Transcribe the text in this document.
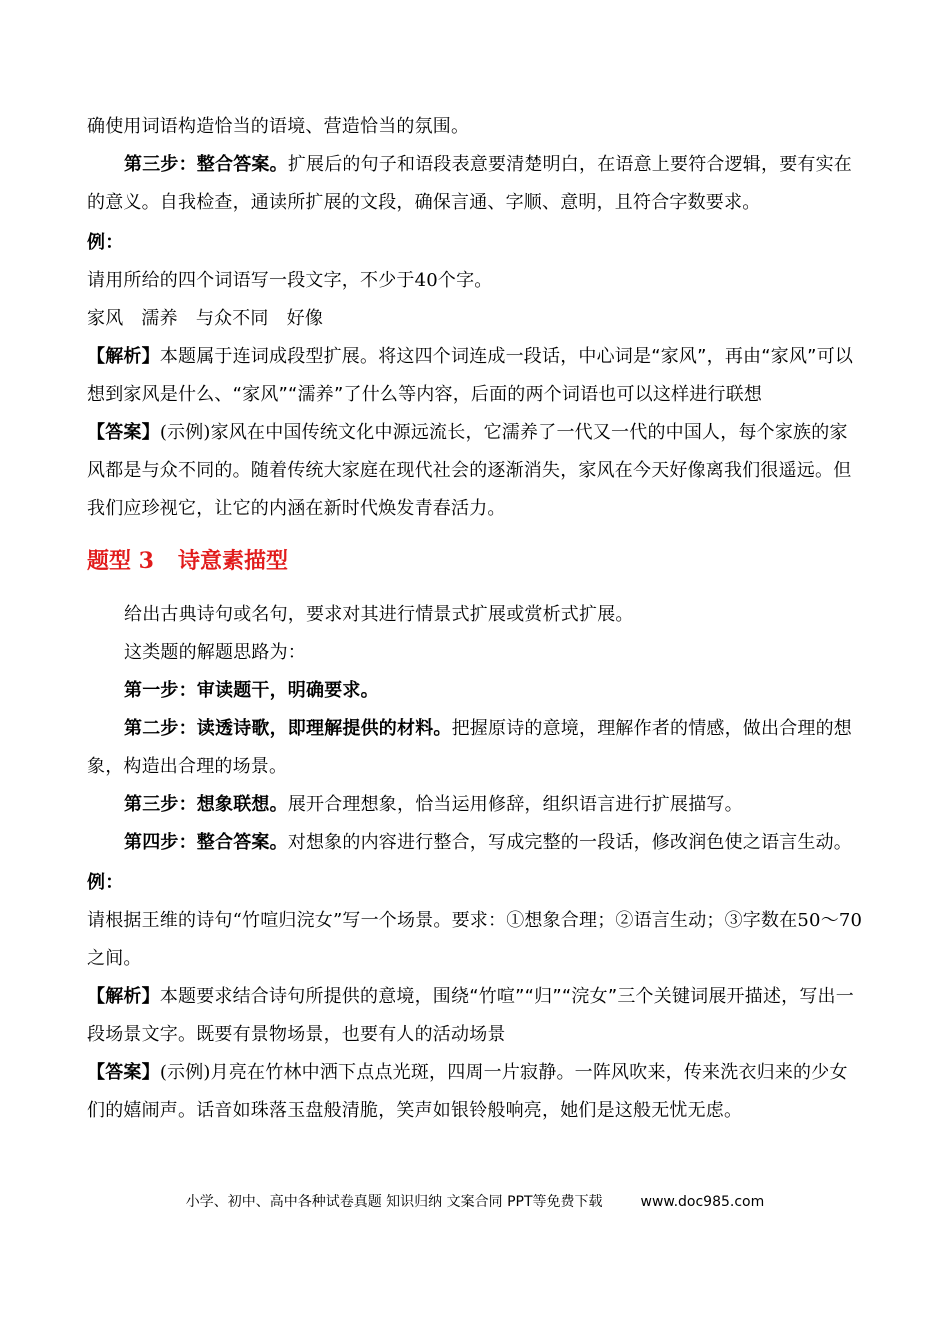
确使用词语构造恰当的语境、营造恰当的氛围。

第三步：整合答案。扩展后的句子和语段表意要清楚明白，在语意上要符合逻辑，要有实在的意义。自我检查，通读所扩展的文段，确保言通、字顺、意明，且符合字数要求。

例：

请用所给的四个词语写一段文字，不少于40个字。

家风 濡养 与众不同 好像

【解析】本题属于连词成段型扩展。将这四个词连成一段话，中心词是“家风”，再由“家风”可以想到家风是什么、“家风”“濡养”了什么等内容，后面的两个词语也可以这样进行联想

【答案】(示例)家风在中国传统文化中源远流长，它濡养了一代又一代的中国人，每个家族的家风都是与众不同的。随着传统大家庭在现代社会的逐渐消失，家风在今天好像离我们很遥远。但我们应珍视它，让它的内涵在新时代焕发青春活力。

题型 3 诗意素描型

给出古典诗句或名句，要求对其进行情景式扩展或赏析式扩展。

这类题的解题思路为：

第一步：审读题干，明确要求。

第二步：读透诗歌，即理解提供的材料。把握原诗的意境，理解作者的情感，做出合理的想象，构造出合理的场景。

第三步：想象联想。展开合理想象，恰当运用修辞，组织语言进行扩展描写。

第四步：整合答案。对想象的内容进行整合，写成完整的一段话，修改润色使之语言生动。

例：

请根据王维的诗句“竹喧归浣女”写一个场景。要求：①想象合理；②语言生动；③字数在50～70之间。

【解析】本题要求结合诗句所提供的意境，围绕“竹喧”“归”“浣女”三个关键词展开描述，写出一段场景文字。既要有景物场景，也要有人的活动场景

【答案】(示例)月亮在竹林中洒下点点光斑，四周一片寂静。一阵风吹来，传来洗衣归来的少女们的嬉闹声。话音如珠落玉盘般清脆，笑声如银铃般响亮，她们是这般无忧无虑。

小学、初中、高中各种试卷真题 知识归纳 文案合同 PPT等免费下载	www.doc985.com
